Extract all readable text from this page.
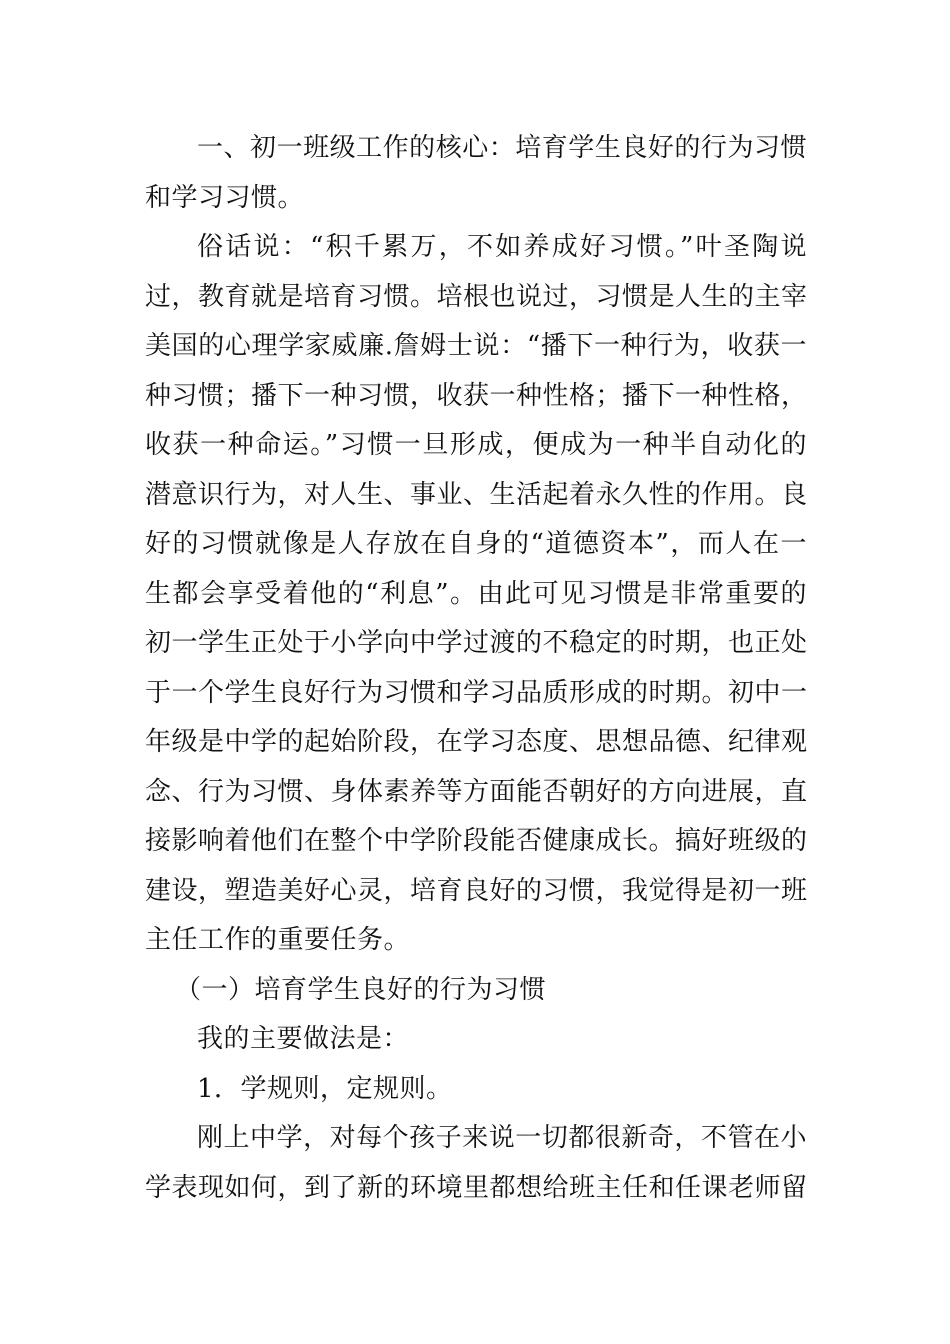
一、初一班级工作的核心：培育学生良好的行为习惯

和学习习惯。

俗话说：“积千累万，不如养成好习惯。”叶圣陶说

过，教育就是培育习惯。培根也说过，习惯是人生的主宰

美国的心理学家威廉.詹姆士说：“播下一种行为，收获一

种习惯；播下一种习惯，收获一种性格；播下一种性格，

收获一种命运。”习惯一旦形成，便成为一种半自动化的

潜意识行为，对人生、事业、生活起着永久性的作用。良

好的习惯就像是人存放在自身的“道德资本”，而人在一

生都会享受着他的“利息”。由此可见习惯是非常重要的

初一学生正处于小学向中学过渡的不稳定的时期，也正处

于一个学生良好行为习惯和学习品质形成的时期。初中一

年级是中学的起始阶段，在学习态度、思想品德、纪律观

念、行为习惯、身体素养等方面能否朝好的方向进展，直

接影响着他们在整个中学阶段能否健康成长。搞好班级的

建设，塑造美好心灵，培育良好的习惯，我觉得是初一班

主任工作的重要任务。

（一）培育学生良好的行为习惯

我的主要做法是：

1．学规则，定规则。

刚上中学，对每个孩子来说一切都很新奇，不管在小

学表现如何，到了新的环境里都想给班主任和任课老师留
